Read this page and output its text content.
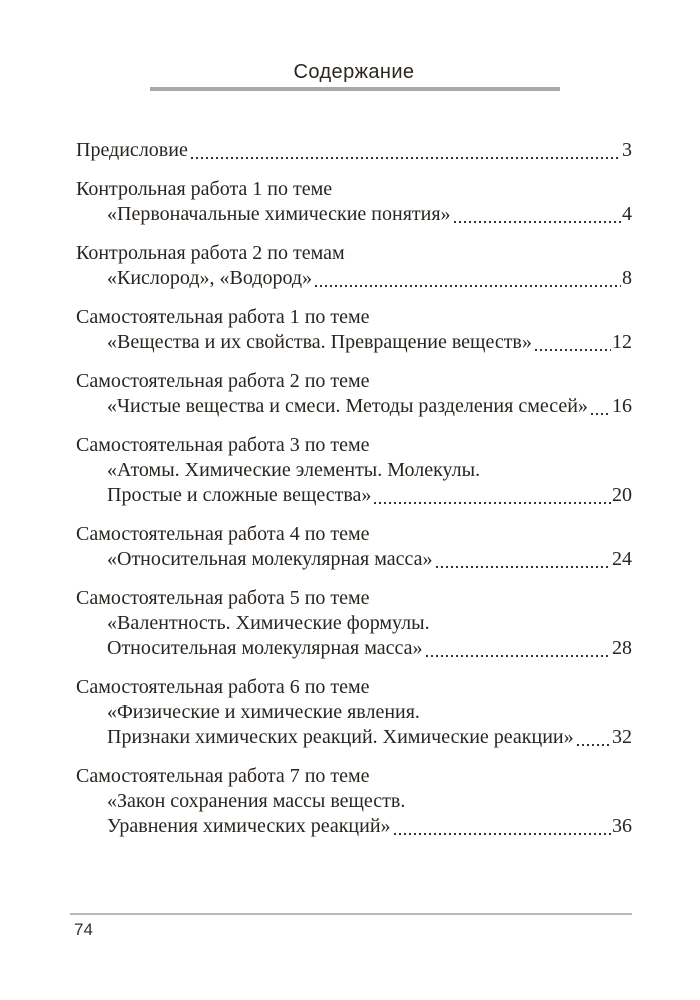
Содержание
Предисловие	3
Контрольная работа 1 по теме
«Первоначальные химические понятия»	4
Контрольная работа 2 по темам
«Кислород», «Водород»	8
Самостоятельная работа 1 по теме
«Вещества и их свойства. Превращение веществ»	12
Самостоятельная работа 2 по теме
«Чистые вещества и смеси. Методы разделения смесей» 16
Самостоятельная работа 3 по теме
«Атомы. Химические элементы. Молекулы.
Простые и сложные вещества»	20
Самостоятельная работа 4 по теме
«Относительная молекулярная масса»	24
Самостоятельная работа 5 по теме
«Валентность. Химические формулы.
Относительная молекулярная масса»	28
Самостоятельная работа 6 по теме
«Физические и химические явления.
Признаки химических реакций. Химические реакции» 32
Самостоятельная работа 7 по теме
«Закон сохранения массы веществ.
Уравнения химических реакций»	36
74
